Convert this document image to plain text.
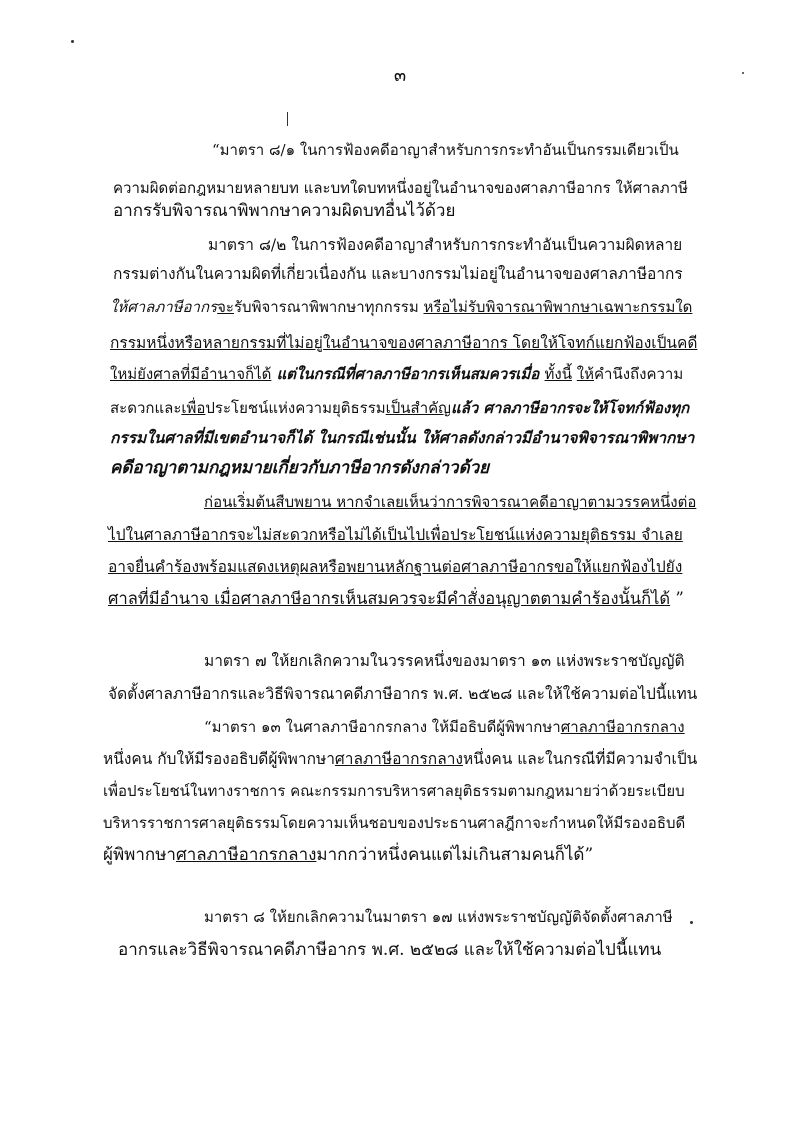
๓
“มาตรา ๘/๑ ในการฟ้องคดีอาญาสำหรับการกระทำอันเป็นกรรมเดียวเป็น
ความผิดต่อกฎหมายหลายบท และบทใดบทหนึ่งอยู่ในอำนาจของศาลภาษีอากร ให้ศาลภาษี
อากรรับพิจารณาพิพากษาความผิดบทอื่นไว้ด้วย
มาตรา ๘/๒ ในการฟ้องคดีอาญาสำหรับการกระทำอันเป็นความผิดหลาย
กรรมต่างกันในความผิดที่เกี่ยวเนื่องกัน และบางกรรมไม่อยู่ในอำนาจของศาลภาษีอากร
ให้ศาลภาษีอากรจะรับพิจารณาพิพากษาทุกกรรม หรือไม่รับพิจารณาพิพากษาเฉพาะกรรมใด
กรรมหนึ่งหรือหลายกรรมที่ไม่อยู่ในอำนาจของศาลภาษีอากร โดยให้โจทก์แยกฟ้องเป็นคดี
ใหม่ยังศาลที่มีอำนาจก็ได้ แต่ในกรณีที่ศาลภาษีอากรเห็นสมควรเมื่อ ทั้งนี้ ให้คำนึงถึงความ
สะดวกและเพื่อประโยชน์แห่งความยุติธรรมเป็นสำคัญแล้ว ศาลภาษีอากรจะให้โจทก์ฟ้องทุก
กรรมในศาลที่มีเขตอำนาจก็ได้ ในกรณีเช่นนั้น ให้ศาลดังกล่าวมีอำนาจพิจารณาพิพากษา
คดีอาญาตามกฎหมายเกี่ยวกับภาษีอากรดังกล่าวด้วย
ก่อนเริ่มต้นสืบพยาน หากจำเลยเห็นว่าการพิจารณาคดีอาญาตามวรรคหนึ่งต่อ
ไปในศาลภาษีอากรจะไม่สะดวกหรือไม่ได้เป็นไปเพื่อประโยชน์แห่งความยุติธรรม จำเลย
อาจยื่นคำร้องพร้อมแสดงเหตุผลหรือพยานหลักฐานต่อศาลภาษีอากรขอให้แยกฟ้องไปยัง
ศาลที่มีอำนาจ เมื่อศาลภาษีอากรเห็นสมควรจะมีคำสั่งอนุญาตตามคำร้องนั้นก็ได้ ”
มาตรา ๗ ให้ยกเลิกความในวรรคหนึ่งของมาตรา ๑๓ แห่งพระราชบัญญัติ
จัดตั้งศาลภาษีอากรและวิธีพิจารณาคดีภาษีอากร พ.ศ. ๒๕๒๘ และให้ใช้ความต่อไปนี้แทน
“มาตรา ๑๓ ในศาลภาษีอากรกลาง ให้มีอธิบดีผู้พิพากษาศาลภาษีอากรกลาง
หนึ่งคน กับให้มีรองอธิบดีผู้พิพากษาศาลภาษีอากรกลางหนึ่งคน และในกรณีที่มีความจำเป็น
เพื่อประโยชน์ในทางราชการ คณะกรรมการบริหารศาลยุติธรรมตามกฎหมายว่าด้วยระเบียบ
บริหารราชการศาลยุติธรรมโดยความเห็นชอบของประธานศาลฎีกาจะกำหนดให้มีรองอธิบดี
ผู้พิพากษาศาลภาษีอากรกลางมากกว่าหนึ่งคนแต่ไม่เกินสามคนก็ได้”
มาตรา ๘ ให้ยกเลิกความในมาตรา ๑๗ แห่งพระราชบัญญัติจัดตั้งศาลภาษี
อากรและวิธีพิจารณาคดีภาษีอากร พ.ศ. ๒๕๒๘ และให้ใช้ความต่อไปนี้แทน
